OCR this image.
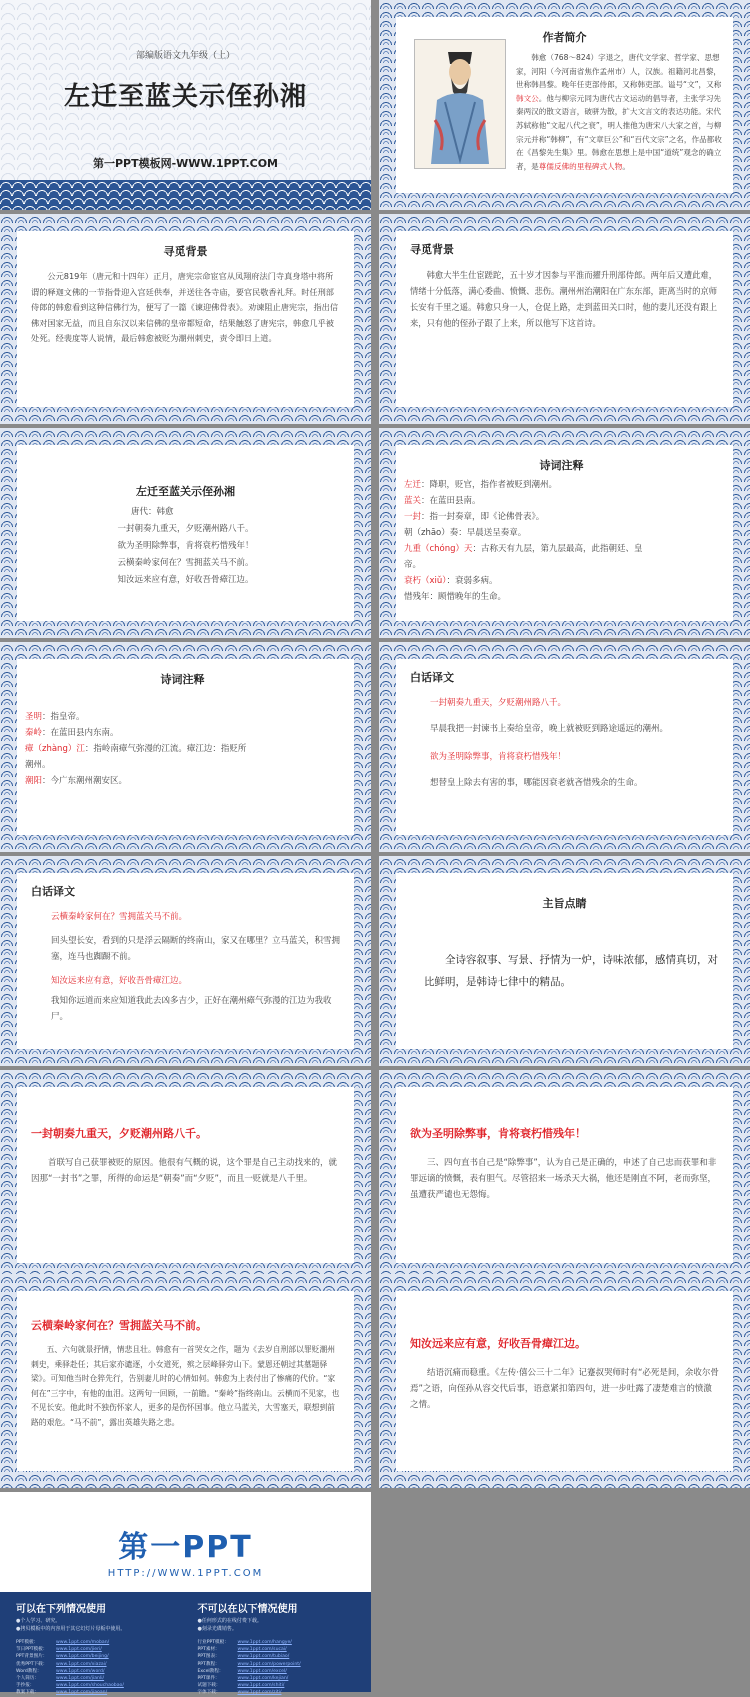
部编版语文九年级（上）
左迁至蓝关示侄孙湘
第一PPT模板网-WWW.1PPT.COM
作者简介

韩愈（768～824）字退之，唐代文学家、哲学家、思想家，河阳（今河南省焦作孟州市）人，汉族。祖籍河北昌黎，世称韩昌黎。晚年任吏部侍郎，又称韩吏部。谥号“文”，又称韩文公。他与柳宗元同为唐代古文运动的倡导者，主张学习先秦两汉的散文语言，破骈为散，扩大文言文的表达功能。宋代苏轼称他“文起八代之衰”，明人推他为唐宋八大家之首，与柳宗元并称“韩柳”，有“文章巨公”和“百代文宗”之名，作品都收在《昌黎先生集》里。韩愈在思想上是中国“道统”观念的确立者，是尊儒反佛的里程碑式人物。

寻觅背景

公元819年（唐元和十四年）正月，唐宪宗命宦官从凤翔府法门寺真身塔中将所谓的释迦文佛的一节指骨迎入宫廷供奉，并送往各寺庙，要官民敬香礼拜。时任刑部侍郎的韩愈看到这种信佛行为，便写了一篇《谏迎佛骨表》。劝谏阻止唐宪宗，指出信佛对国家无益，而且自东汉以来信佛的皇帝都短命，结果触怒了唐宪宗，韩愈几乎被处死。经裴度等人说情，最后韩愈被贬为潮州刺史，责令即日上道。

寻觅背景

韩愈大半生仕宦蹉跎，五十岁才因参与平淮而擢升刑部侍郎。两年后又遭此难，情绪十分低落，满心委曲、愤慨、悲伤。潮州州治潮阳在广东东部，距离当时的京师长安有千里之遥。韩愈只身一人，仓促上路，走到蓝田关口时，他的妻儿还没有跟上来，只有他的侄孙子跟了上来，所以他写下这首诗。

左迁至蓝关示侄孙湘
唐代：韩愈

一封朝奏九重天，夕贬潮州路八千。

欲为圣明除弊事，肯将衰朽惜残年！

云横秦岭家何在？雪拥蓝关马不前。

知汝远来应有意，好收吾骨瘴江边。

诗词注释

左迁：降职，贬官，指作者被贬到潮州。

蓝关：在蓝田县南。

一封：指一封奏章，即《论佛骨表》。

朝（zhāo）奏：早晨送呈奏章。

九重（chóng）天：古称天有九层，第九层最高，此指朝廷、皇帝。

衰朽（xiǔ）：衰弱多病。

惜残年：顾惜晚年的生命。

诗词注释

圣明：指皇帝。

秦岭：在蓝田县内东南。

瘴（zhàng）江：指岭南瘴气弥漫的江流。瘴江边：指贬所潮州。

潮阳：今广东潮州潮安区。

白话译文

一封朝奏九重天，夕贬潮州路八千。

早晨我把一封谏书上奏给皇帝，晚上就被贬到路途遥远的潮州。

欲为圣明除弊事，肯将衰朽惜残年！

想替皇上除去有害的事，哪能因衰老就吝惜残余的生命。

白话译文

云横秦岭家何在？雪拥蓝关马不前。

回头望长安，看到的只是浮云隔断的终南山，家又在哪里？立马蓝关，积雪拥塞，连马也踟蹰不前。

知汝远来应有意，好收吾骨瘴江边。

我知你远道而来应知道我此去凶多吉少，正好在潮州瘴气弥漫的江边为我收尸。

主旨点睛

全诗容叙事、写景、抒情为一炉，诗味浓郁，感情真切，对比鲜明，是韩诗七律中的精品。

一封朝奏九重天，夕贬潮州路八千。

首联写自己获罪被贬的原因。他很有气概的说，这个罪是自己主动找来的，就因那“一封书”之罪，所得的命运是“朝奏”而“夕贬”，而且一贬就是八千里。

欲为圣明除弊事，肯将衰朽惜残年！

三、四句直书自己是“除弊事”，认为自己是正确的，申述了自己忠而获罪和非罪远谪的愤慨，表有胆气。尽管招来一场杀天大祸，他还是刚直不阿，老而弥坚，虽遭获严谴也无怨悔。

云横秦岭家何在？雪拥蓝关马不前。

五、六句就景抒情，情悲且壮。韩愈有一首哭女之作，题为《去岁自刑部以罪贬潮州刺史，乘驿赴任；其后家亦谴逐，小女道死，殡之层峰驿旁山下。蒙恩还朝过其墓题驿梁》。可知他当时仓猝先行，告别妻儿时的心情如何。韩愈为上表付出了惨痛的代价。“家何在”三字中，有他的血泪。这两句一回顾，一前瞻。“秦岭”指终南山。云横而不见家，也不见长安。他此时不独伤怀家人，更多的是伤怀国事。他立马蓝关，大雪塞天，联想到前路的艰危。“马不前”，露出英雄失路之悲。

知汝远来应有意，好收吾骨瘴江边。

结语沉痛而稳重。《左传·僖公三十二年》记蹇叔哭师时有“必死是间，余收尔骨焉”之语，向侄孙从容交代后事，语意紧扣第四句，进一步吐露了凄楚难言的愤激之情。

第一PPT
HTTP://WWW.1PPT.COM
可以在下列情况使用

●个人学习、研究。

●拷贝模板中的内容用于其它幻灯片母板中使用。

PPT模板：	www.1ppt.com/moban/
节日PPT模板：	www.1ppt.com/jieri/
PPT背景图片：	www.1ppt.com/beijing/
优秀PPT下载：	www.1ppt.com/xiazai/
Word教程：	www.1ppt.com/word/
个人简历：	www.1ppt.com/jianli/
手抄报：	www.1ppt.com/shouchaobao/
教案下载：	www.1ppt.com/jiaoan/
不可以在以下情况使用

●任何形式的在线付费下载。

●刻录光碟销售。

行业PPT模板：	www.1ppt.com/hangye/
PPT素材：	www.1ppt.com/sucai/
PPT图表：	www.1ppt.com/tubiao/
PPT教程：	www.1ppt.com/powerpoint/
Excel教程：	www.1ppt.com/excel/
PPT课件：	www.1ppt.com/kejian/
试题下载：	www.1ppt.com/shiti/
字体下载：	www.1ppt.com/ziti/
